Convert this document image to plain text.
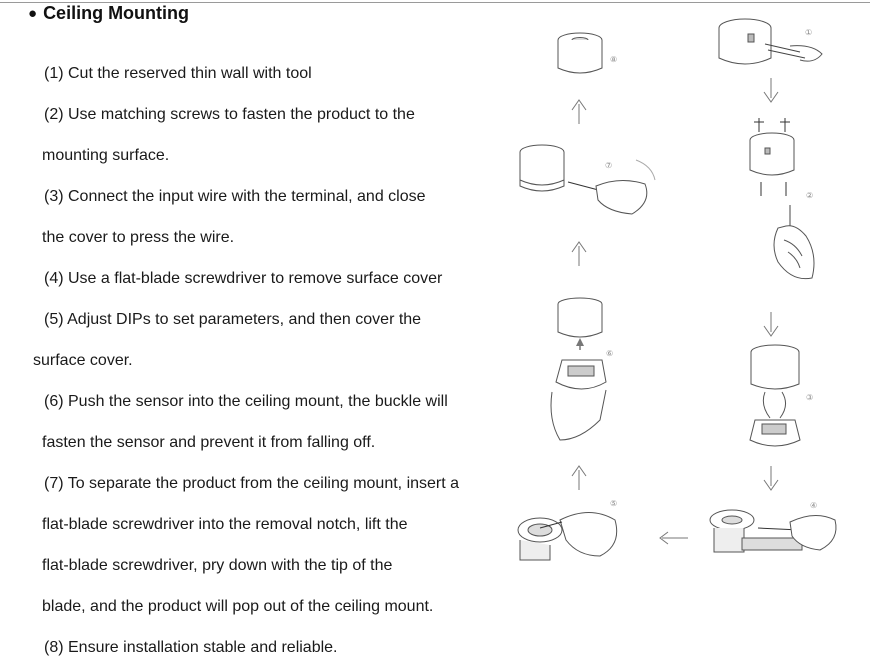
● Ceiling Mounting
(1) Cut the reserved thin wall with tool
(2) Use matching screws to fasten the product to the
mounting surface.
(3) Connect the input wire with the terminal, and close
the cover to press the wire.
(4) Use a flat-blade screwdriver to remove surface cover
(5) Adjust DIPs to set parameters, and then cover the
surface cover.
(6) Push the sensor into the ceiling mount, the buckle will
fasten the sensor and prevent it from falling off.
(7) To separate the product from the ceiling mount, insert a
flat-blade screwdriver into the removal notch, lift the
flat-blade screwdriver, pry down with the tip of the
blade, and the product will pop out of the ceiling mount.
(8) Ensure installation stable and reliable.
①
②
③
④
⑤
⑥
⑦
⑧
